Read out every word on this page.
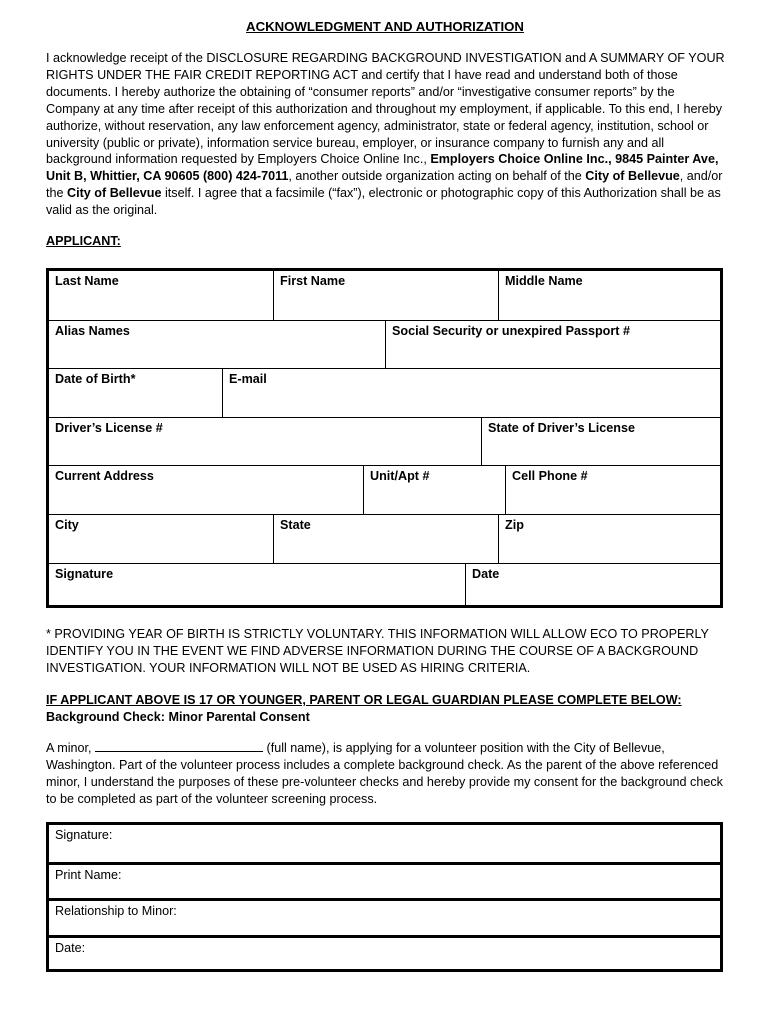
ACKNOWLEDGMENT AND AUTHORIZATION
I acknowledge receipt of the DISCLOSURE REGARDING BACKGROUND INVESTIGATION and A SUMMARY OF YOUR RIGHTS UNDER THE FAIR CREDIT REPORTING ACT and certify that I have read and understand both of those documents. I hereby authorize the obtaining of “consumer reports” and/or “investigative consumer reports” by the Company at any time after receipt of this authorization and throughout my employment, if applicable. To this end, I hereby authorize, without reservation, any law enforcement agency, administrator, state or federal agency, institution, school or university (public or private), information service bureau, employer, or insurance company to furnish any and all background information requested by Employers Choice Online Inc., Employers Choice Online Inc., 9845 Painter Ave, Unit B, Whittier, CA 90605 (800) 424-7011, another outside organization acting on behalf of the City of Bellevue, and/or the City of Bellevue itself. I agree that a facsimile (“fax”), electronic or photographic copy of this Authorization shall be as valid as the original.
APPLICANT:
Last Name	First Name	Middle Name
Alias Names	Social Security or unexpired Passport #
Date of Birth*	E-mail
Driver’s License #	State of Driver’s License
Current Address	Unit/Apt #	Cell Phone #
City	State	Zip
Signature	Date
* PROVIDING YEAR OF BIRTH IS STRICTLY VOLUNTARY. THIS INFORMATION WILL ALLOW ECO TO PROPERLY IDENTIFY YOU IN THE EVENT WE FIND ADVERSE INFORMATION DURING THE COURSE OF A BACKGROUND INVESTIGATION. YOUR INFORMATION WILL NOT BE USED AS HIRING CRITERIA.
IF APPLICANT ABOVE IS 17 OR YOUNGER, PARENT OR LEGAL GUARDIAN PLEASE COMPLETE BELOW:
Background Check: Minor Parental Consent
A minor,	(full name), is applying for a volunteer position with the City of Bellevue, Washington. Part of the volunteer process includes a complete background check. As the parent of the above referenced minor, I understand the purposes of these pre-volunteer checks and hereby provide my consent for the background check to be completed as part of the volunteer screening process.
Signature:
Print Name:
Relationship to Minor:
Date:
